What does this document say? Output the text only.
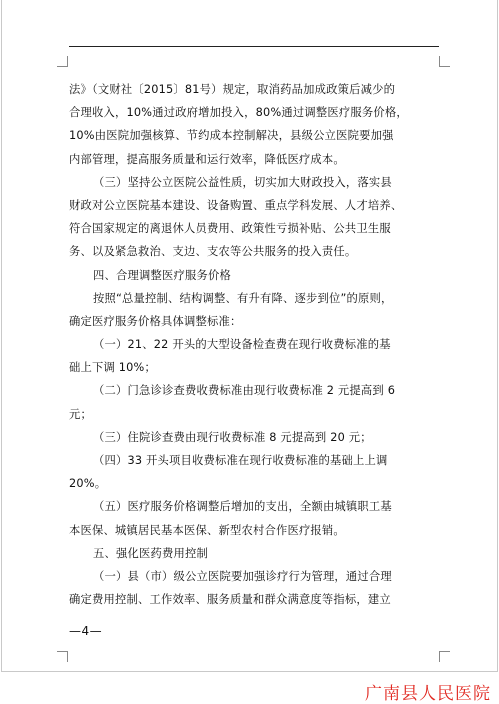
法》（文财社〔2015〕81号）规定，取消药品加成政策后减少的
合理收入，10%通过政府增加投入，80%通过调整医疗服务价格，
10%由医院加强核算、节约成本控制解决，县级公立医院要加强
内部管理，提高服务质量和运行效率，降低医疗成本。
（三）坚持公立医院公益性质，切实加大财政投入，落实县
财政对公立医院基本建设、设备购置、重点学科发展、人才培养、
符合国家规定的离退休人员费用、政策性亏损补贴、公共卫生服
务、以及紧急救治、支边、支农等公共服务的投入责任。
四、合理调整医疗服务价格
按照“总量控制、结构调整、有升有降、逐步到位”的原则，
确定医疗服务价格具体调整标准：
（一）21、22 开头的大型设备检查费在现行收费标准的基
础上下调 10%；
（二）门急诊诊查费收费标准由现行收费标准 2 元提高到 6
元；
（三）住院诊查费由现行收费标准 8 元提高到 20 元；
（四）33 开头项目收费标准在现行收费标准的基础上上调
20%。
（五）医疗服务价格调整后增加的支出，全额由城镇职工基
本医保、城镇居民基本医保、新型农村合作医疗报销。
五、强化医药费用控制
（一）县（市）级公立医院要加强诊疗行为管理，通过合理
确定费用控制、工作效率、服务质量和群众满意度等指标，建立
—4—
广南县人民医院
